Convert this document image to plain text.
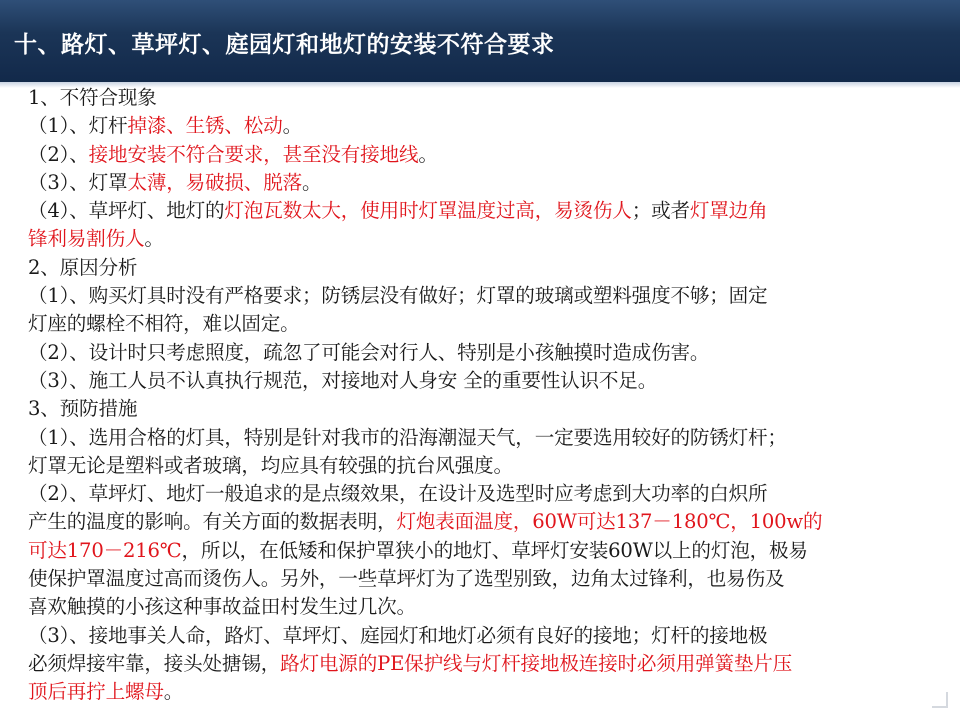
十、路灯、草坪灯、庭园灯和地灯的安装不符合要求

1、不符合现象

（1）、灯杆掉漆、生锈、松动。

（2）、接地安装不符合要求，甚至没有接地线。

（3）、灯罩太薄，易破损、脱落。

（4）、草坪灯、地灯的灯泡瓦数太大，使用时灯罩温度过高，易烫伤人；或者灯罩边角

锋利易割伤人。

2、原因分析

（1）、购买灯具时没有严格要求；防锈层没有做好；灯罩的玻璃或塑料强度不够；固定

灯座的螺栓不相符，难以固定。

（2）、设计时只考虑照度，疏忽了可能会对行人、特别是小孩触摸时造成伤害。

（3）、施工人员不认真执行规范，对接地对人身安 全的重要性认识不足。

3、预防措施

（1）、选用合格的灯具，特别是针对我市的沿海潮湿天气，一定要选用较好的防锈灯杆；

灯罩无论是塑料或者玻璃，均应具有较强的抗台风强度。

（2）、草坪灯、地灯一般追求的是点缀效果，在设计及选型时应考虑到大功率的白炽所

产生的温度的影响。有关方面的数据表明，灯炮表面温度，60W可达137－180℃，100w的

可达170－216℃，所以，在低矮和保护罩狭小的地灯、草坪灯安装60W以上的灯泡，极易

使保护罩温度过高而烫伤人。另外，一些草坪灯为了选型别致，边角太过锋利，也易伤及

喜欢触摸的小孩这种事故益田村发生过几次。

（3）、接地事关人命，路灯、草坪灯、庭园灯和地灯必须有良好的接地；灯杆的接地极

必须焊接牢靠，接头处搪锡，路灯电源的PE保护线与灯杆接地极连接时必须用弹簧垫片压

顶后再拧上螺母。
